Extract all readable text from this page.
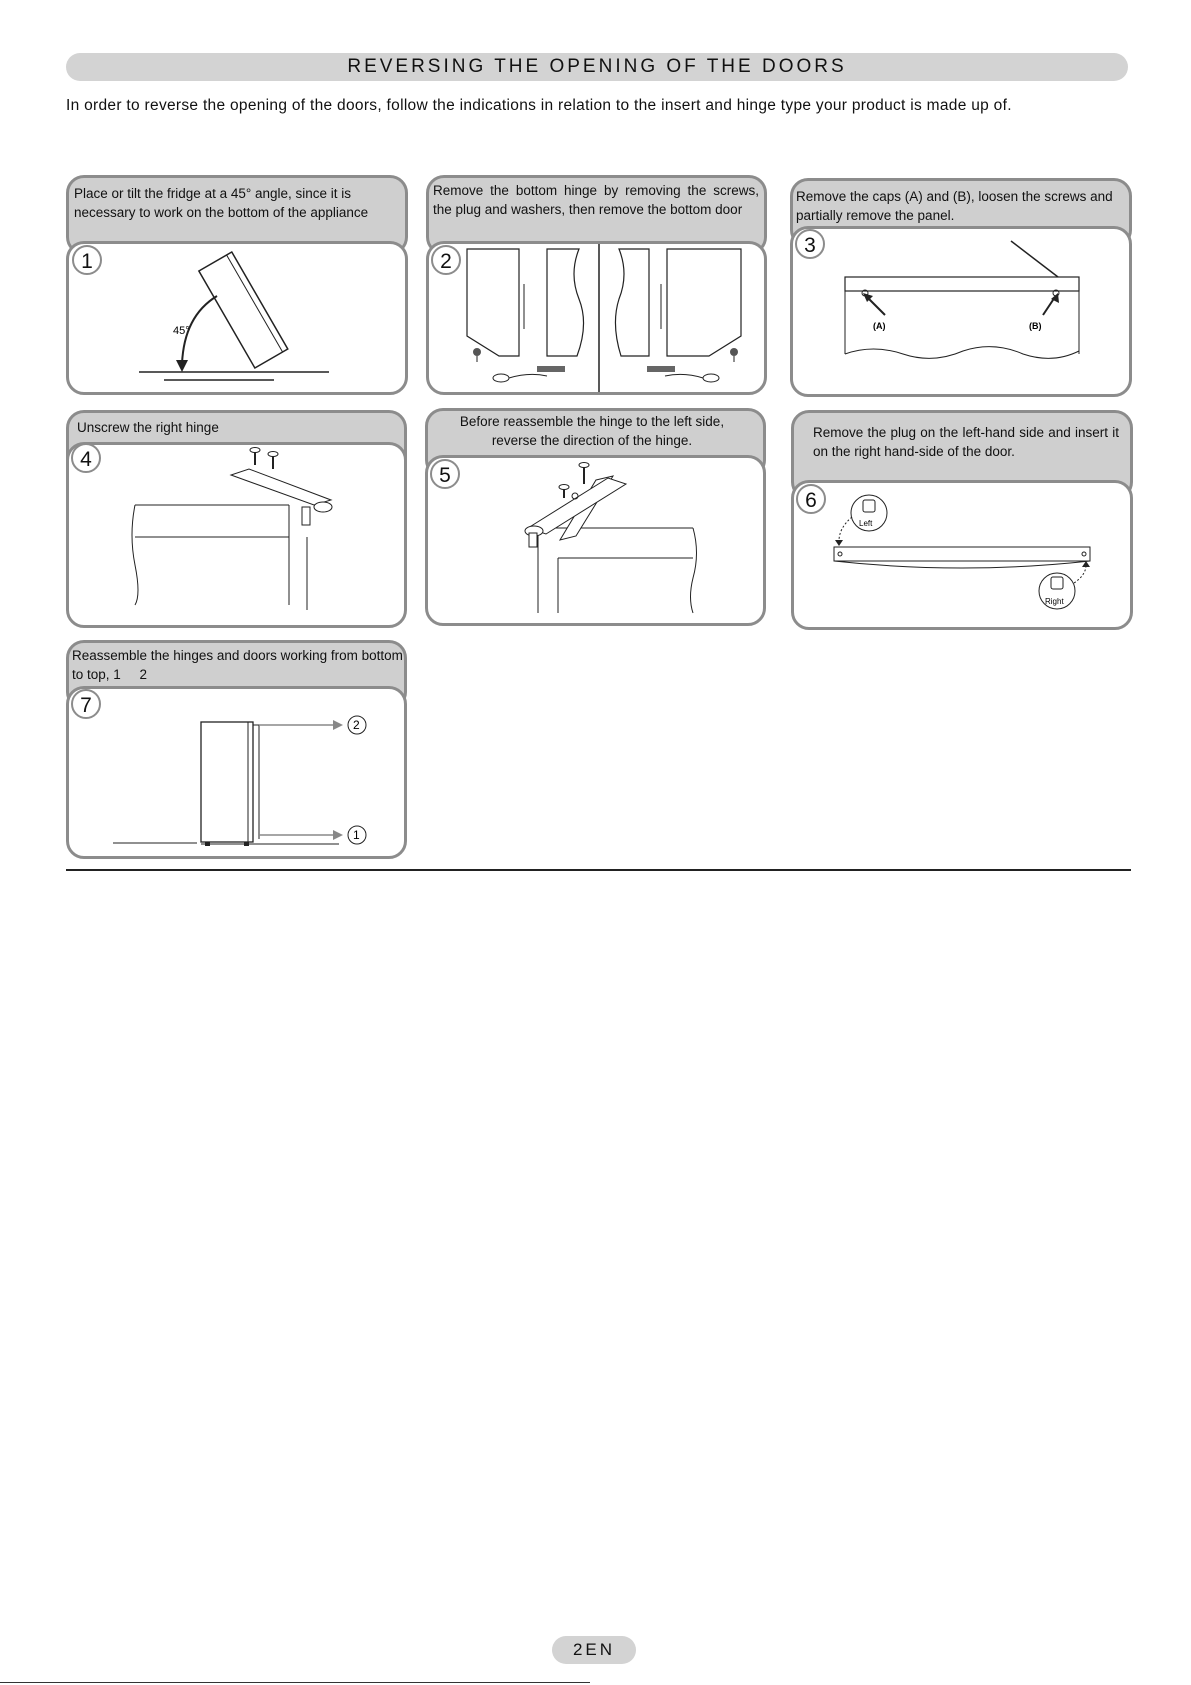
REVERSING THE OPENING OF THE DOORS
In order to reverse the opening of the doors, follow the indications in relation to the insert and hinge type your product is made up of.
Place or tilt the fridge at a 45° angle, since it is necessary to work on the bottom of the appliance
45°
1
Remove the bottom hinge by removing the screws, the plug and washers, then remove the bottom door
2
Remove the caps (A) and (B), loosen the screws and partially remove the panel.
(A)	(B)
3
Unscrew the right hinge
4
Before reassemble the hinge to the left side, reverse the direction of the hinge.
5
Remove the plug on the left-hand side and insert it on the right hand-side of the door.
Left
Right
6
Reassemble the hinges and doors working from bottom to top, 1     2
2
1
7
2EN
